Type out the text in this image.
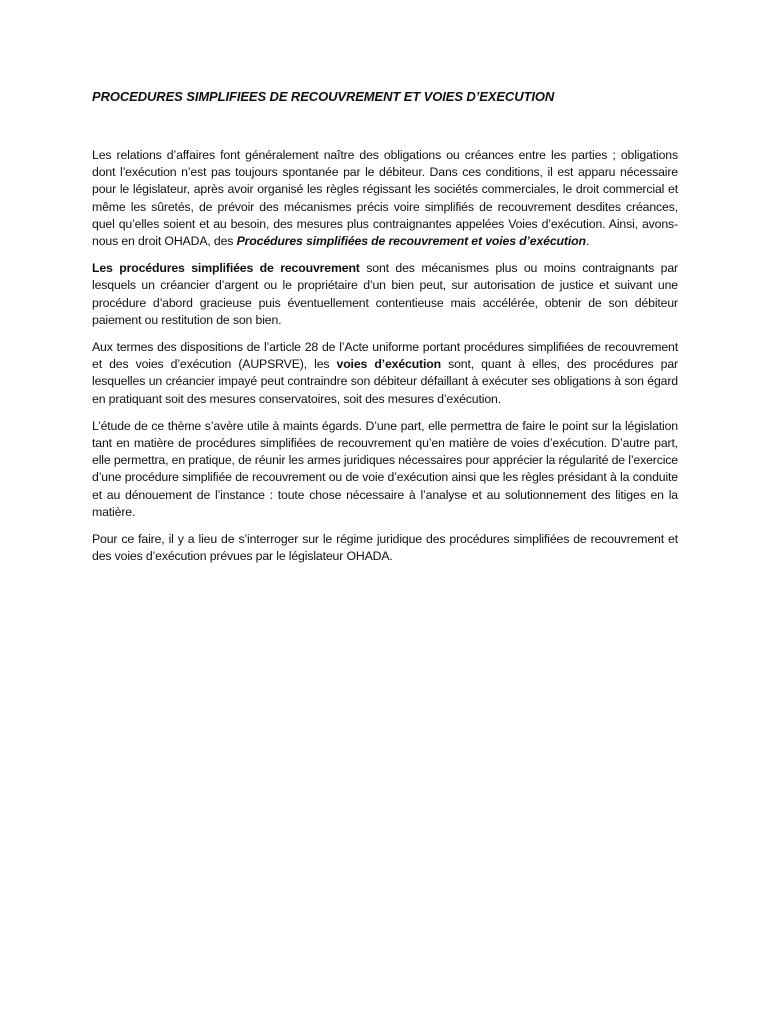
PROCEDURES SIMPLIFIEES DE RECOUVREMENT ET VOIES D’EXECUTION

Les relations d’affaires font généralement naître des obligations ou créances entre les parties ; obligations dont l’exécution n’est pas toujours spontanée par le débiteur. Dans ces conditions, il est apparu nécessaire pour le législateur, après avoir organisé les règles régissant les sociétés commerciales, le droit commercial et même les sûretés, de prévoir des mécanismes précis voire simplifiés de recouvrement desdites créances, quel qu’elles soient et au besoin, des mesures plus contraignantes appelées Voies d’exécution. Ainsi, avons-nous en droit OHADA, des Procédures simplifiées de recouvrement et voies d’exécution.

Les procédures simplifiées de recouvrement sont des mécanismes plus ou moins contraignants par lesquels un créancier d’argent ou le propriétaire d’un bien peut, sur autorisation de justice et suivant une procédure d’abord gracieuse puis éventuellement contentieuse mais accélérée, obtenir de son débiteur paiement ou restitution de son bien.

Aux termes des dispositions de l’article 28 de l’Acte uniforme portant procédures simplifiées de recouvrement et des voies d’exécution (AUPSRVE), les voies d’exécution sont, quant à elles, des procédures par lesquelles un créancier impayé peut contraindre son débiteur défaillant à exécuter ses obligations à son égard en pratiquant soit des mesures conservatoires, soit des mesures d’exécution.

L’étude de ce thème s’avère utile à maints égards. D’une part, elle permettra de faire le point sur la législation tant en matière de procédures simplifiées de recouvrement qu’en matière de voies d’exécution. D’autre part, elle permettra, en pratique, de réunir les armes juridiques nécessaires pour apprécier la régularité de l’exercice d’une procédure simplifiée de recouvrement ou de voie d’exécution ainsi que les règles présidant à la conduite et au dénouement de l’instance : toute chose nécessaire à l’analyse et au solutionnement des litiges en la matière.

Pour ce faire, il y a lieu de s’interroger sur le régime juridique des procédures simplifiées de recouvrement et des voies d’exécution prévues par le législateur OHADA.
